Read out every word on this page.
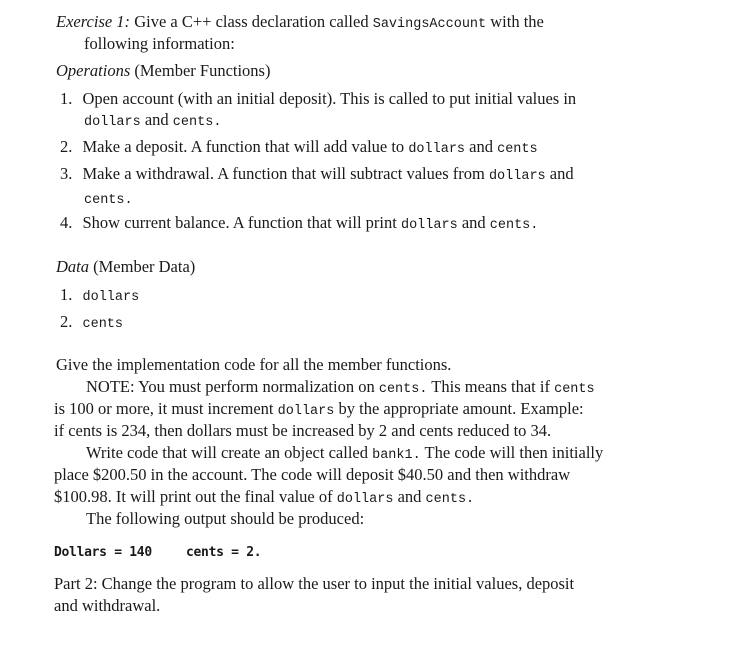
Exercise 1: Give a C++ class declaration called SavingsAccount with the
following information:
Operations (Member Functions)
1. Open account (with an initial deposit). This is called to put initial values in
dollars and cents.
2. Make a deposit. A function that will add value to dollars and cents
3. Make a withdrawal. A function that will subtract values from dollars and
cents.
4. Show current balance. A function that will print dollars and cents.
Data (Member Data)
1. dollars
2. cents
Give the implementation code for all the member functions.
NOTE: You must perform normalization on cents. This means that if cents
is 100 or more, it must increment dollars by the appropriate amount. Example:
if cents is 234, then dollars must be increased by 2 and cents reduced to 34.
Write code that will create an object called bank1. The code will then initially
place $200.50 in the account. The code will deposit $40.50 and then withdraw
$100.98. It will print out the final value of dollars and cents.
The following output should be produced:
Dollars = 140	cents = 2.
Part 2: Change the program to allow the user to input the initial values, deposit
and withdrawal.
